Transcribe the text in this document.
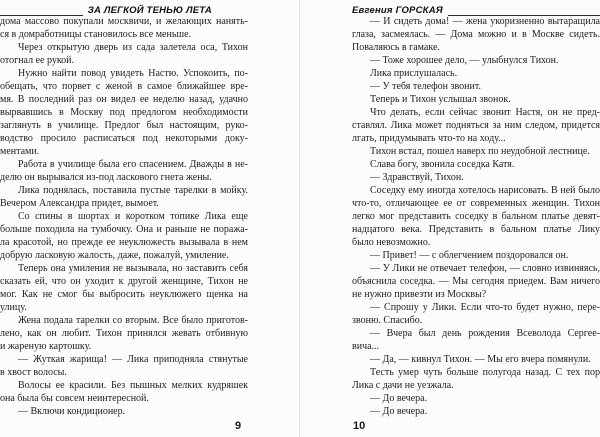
ЗА ЛЕГКОЙ ТЕНЬЮ ЛЕТА
дома массово покупали москвичи, и желающих нанять-
ся в домработницы становилось все меньше.
Через открытую дверь из сада залетела оса, Тихон
отогнал ее рукой.
Нужно найти повод увидеть Настю. Успокоить, по-
обещать, что порвет с женой в самое ближайшее вре-
мя. В последний раз он видел ее неделю назад, удачно
вырвавшись в Москву под предлогом необходимости
заглянуть в училище. Предлог был настоящим, руко-
водство просило расписаться под некоторыми доку-
ментами.
Работа в училище была его спасением. Дважды в не-
делю он вырывался из-под ласкового гнета жены.
Лика поднялась, поставила пустые тарелки в мойку.
Вечером Александра придет, вымоет.
Со спины в шортах и коротком топике Лика еще
больше походила на тумбочку. Она и раньше не поража-
ла красотой, но прежде ее неуклюжесть вызывала в нем
добрую ласковую жалость, даже, пожалуй, умиление.
Теперь она умиления не вызывала, но заставить себя
сказать ей, что он уходит к другой женщине, Тихон не
мог. Как не смог бы выбросить неуклюжего щенка на
улицу.
Жена подала тарелки со вторым. Все было приготов-
лено, как он любит. Тихон принялся жевать отбивную
и жареную картошку.
— Жуткая жарища! — Лика приподняла стянутые
в хвост волосы.
Волосы ее красили. Без пышных мелких кудряшек
она была бы совсем неинтересной.
— Включи кондиционер.
9
Евгения ГОРСКАЯ
— И сидеть дома! — жена укоризненно вытаращила
глаза, засмеялась. — Дома можно и в Москве сидеть.
Поваляюсь в гамаке.
— Тоже хорошее дело, — улыбнулся Тихон.
Лика прислушалась.
— У тебя телефон звонит.
Теперь и Тихон услышал звонок.
Что делать, если сейчас звонит Настя, он не пред-
ставлял. Лика может подняться за ним следом, придется
лгать, придумывать что-то на ходу...
Тихон встал, пошел наверх по неудобной лестнице.
Слава богу, звонила соседка Катя.
— Здравствуй, Тихон.
Соседку ему иногда хотелось нарисовать. В ней было
что-то, отличающее ее от современных женщин. Тихон
легко мог представить соседку в бальном платье девят-
надцатого века. Представить в бальном платье Лику
было невозможно.
— Привет! — с облегчением поздоровался он.
— У Лики не отвечает телефон, — словно извиняясь,
объяснила соседка. — Мы сегодня приедем. Вам ничего
не нужно привезти из Москвы?
— Спрошу у Лики. Если что-то будет нужно, пере-
звоню. Спасибо.
— Вчера был день рождения Всеволода Сергее-
вича...
— Да, — кивнул Тихон. — Мы его вчера помянули.
Тесть умер чуть больше полугода назад. С тех пор
Лика с дачи не уезжала.
— До вечера.
— До вечера.
10
